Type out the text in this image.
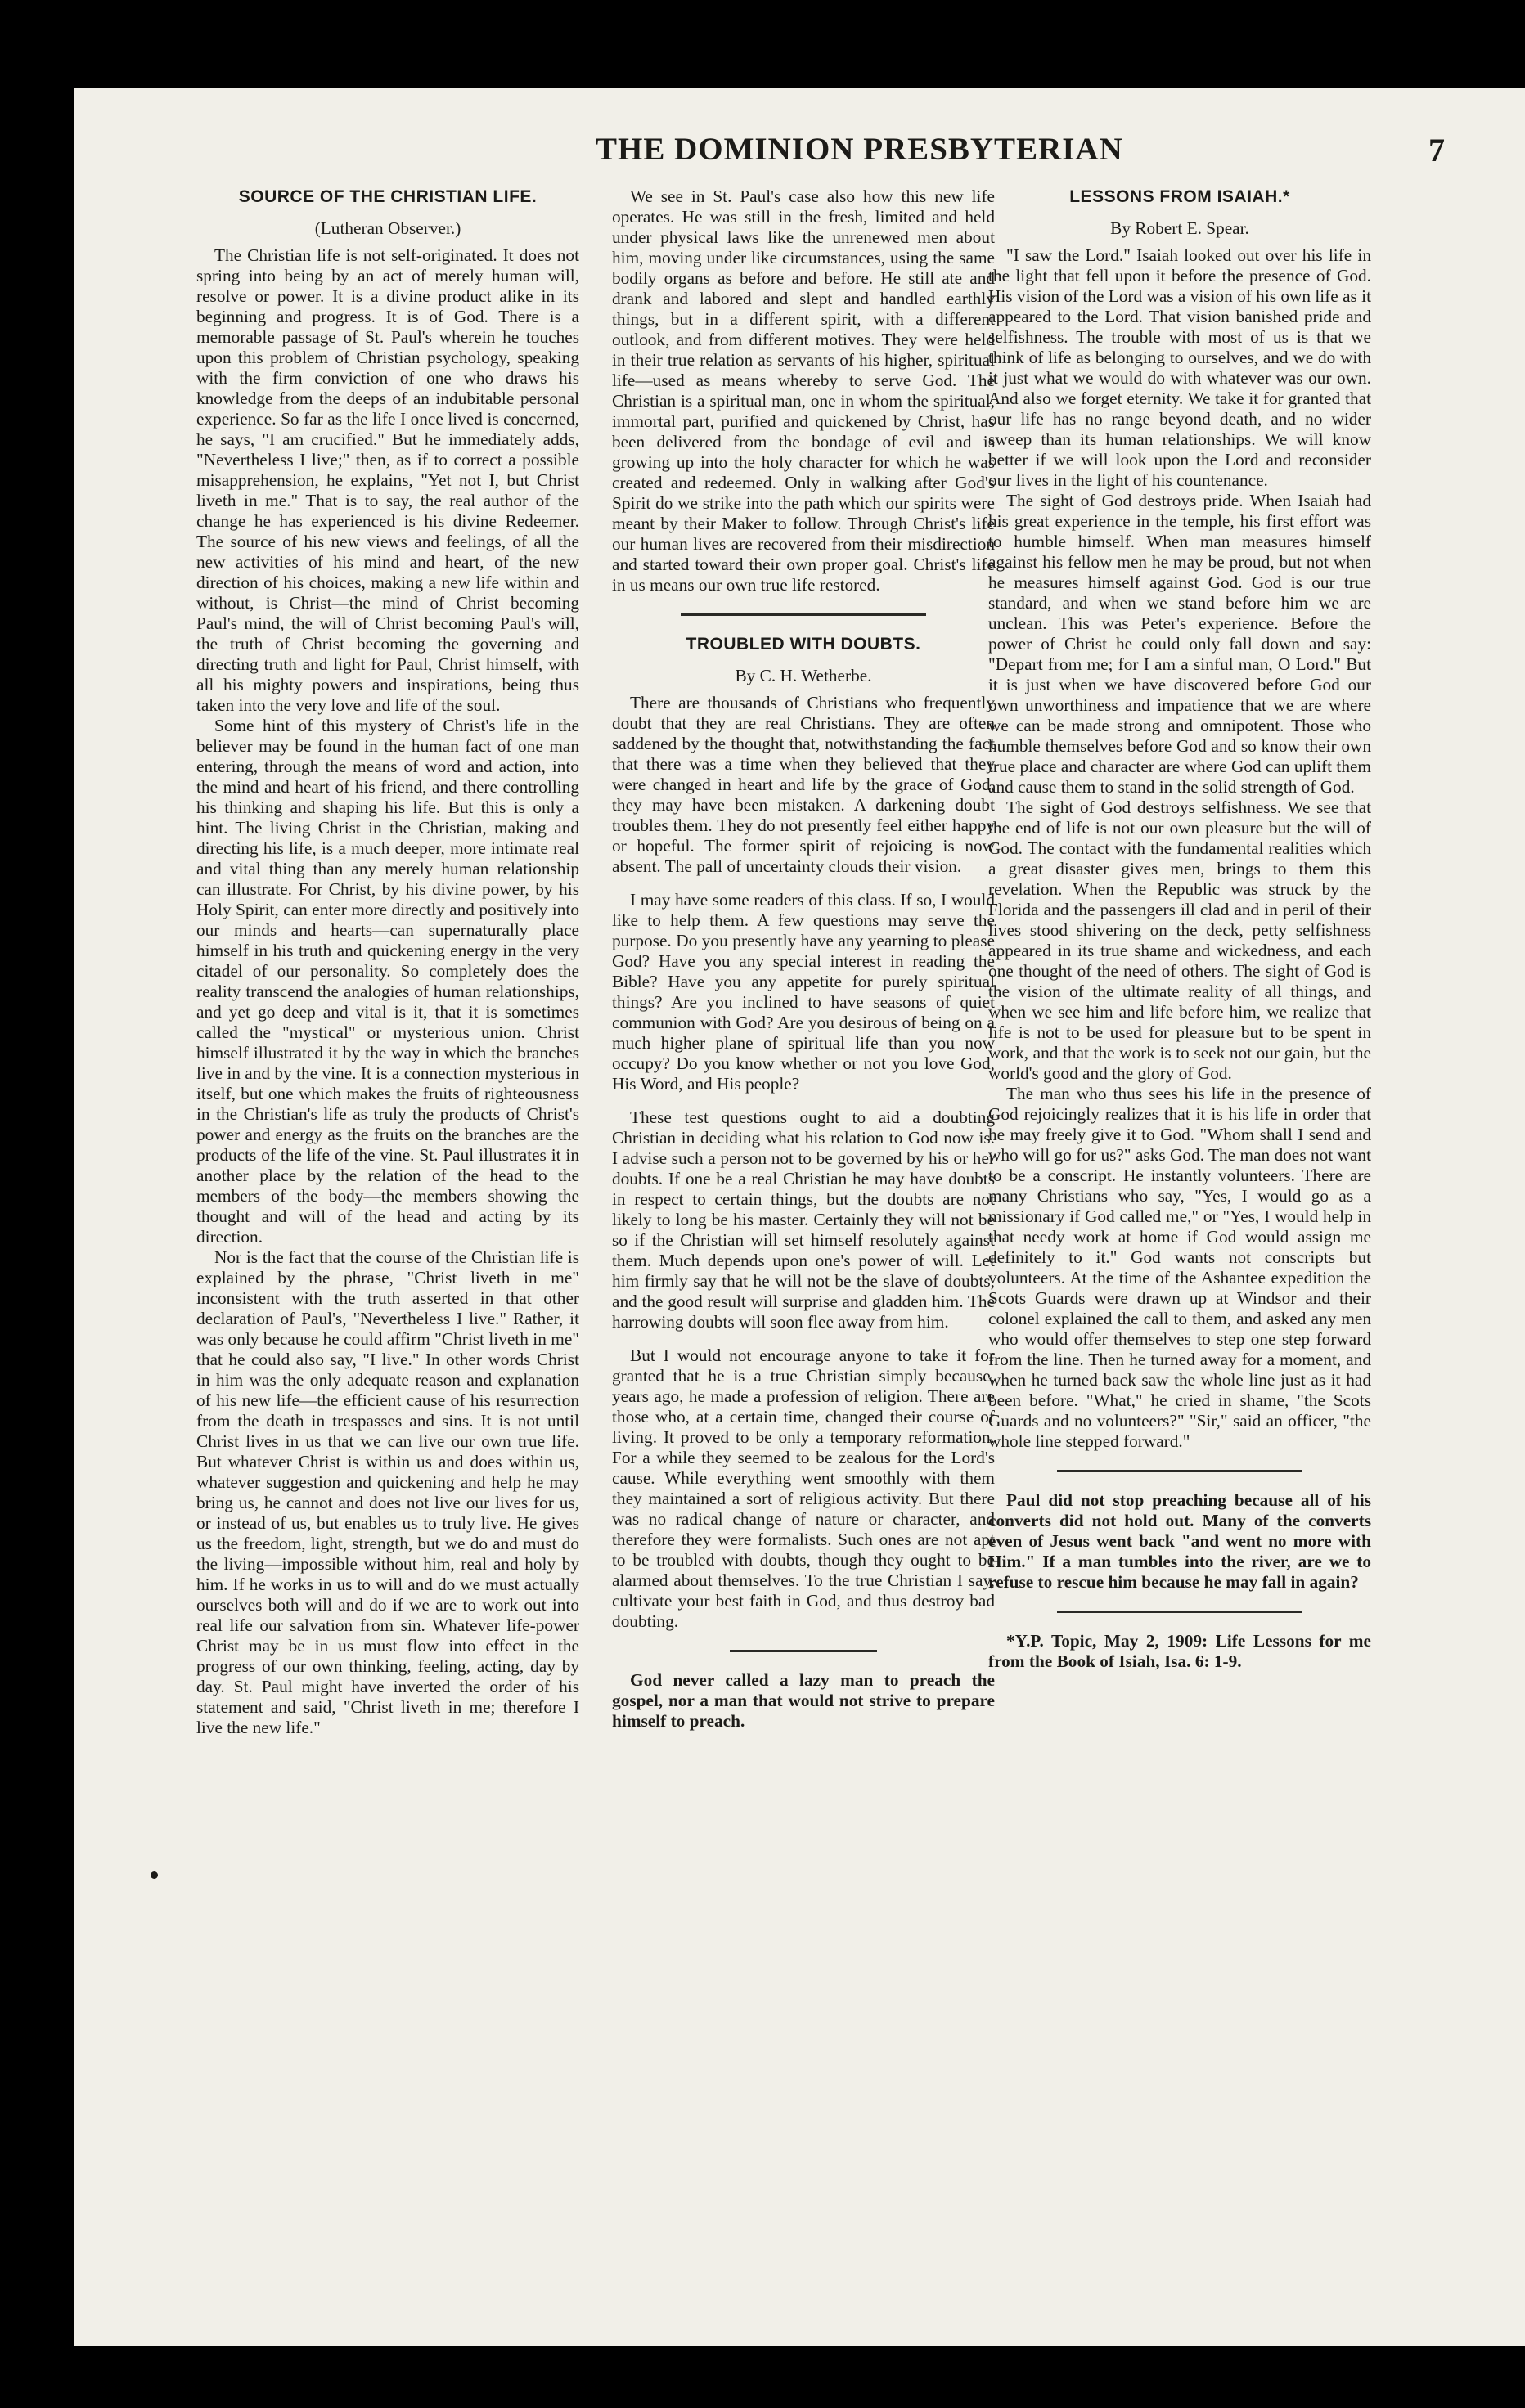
THE DOMINION PRESBYTERIAN	7
SOURCE OF THE CHRISTIAN LIFE.
(Lutheran Observer.)

The Christian life is not self-originated. It does not spring into being by an act of merely human will, resolve or power. It is a divine product alike in its beginning and progress. It is of God. There is a memorable passage of St. Paul's wherein he touches upon this problem of Christian psychology, speaking with the firm conviction of one who draws his knowledge from the deeps of an indubitable personal experience. So far as the life I once lived is concerned, he says, "I am crucified." But he immediately adds, "Nevertheless I live;" then, as if to correct a possible misapprehension, he explains, "Yet not I, but Christ liveth in me." That is to say, the real author of the change he has experienced is his divine Redeemer. The source of his new views and feelings, of all the new activities of his mind and heart, of the new direction of his choices, making a new life within and without, is Christ—the mind of Christ becoming Paul's mind, the will of Christ becoming Paul's will, the truth of Christ becoming the governing and directing truth and light for Paul, Christ himself, with all his mighty powers and inspirations, being thus taken into the very love and life of the soul.

Some hint of this mystery of Christ's life in the believer may be found in the human fact of one man entering, through the means of word and action, into the mind and heart of his friend, and there controlling his thinking and shaping his life. But this is only a hint. The living Christ in the Christian, making and directing his life, is a much deeper, more intimate real and vital thing than any merely human relationship can illustrate. For Christ, by his divine power, by his Holy Spirit, can enter more directly and positively into our minds and hearts—can supernaturally place himself in his truth and quickening energy in the very citadel of our personality. So completely does the reality transcend the analogies of human relationships, and yet go deep and vital is it, that it is sometimes called the "mystical" or mysterious union. Christ himself illustrated it by the way in which the branches live in and by the vine. It is a connection mysterious in itself, but one which makes the fruits of righteousness in the Christian's life as truly the products of Christ's power and energy as the fruits on the branches are the products of the life of the vine. St. Paul illustrates it in another place by the relation of the head to the members of the body—the members showing the thought and will of the head and acting by its direction.

Nor is the fact that the course of the Christian life is explained by the phrase, "Christ liveth in me" inconsistent with the truth asserted in that other declaration of Paul's, "Nevertheless I live." Rather, it was only because he could affirm "Christ liveth in me" that he could also say, "I live." In other words Christ in him was the only adequate reason and explanation of his new life—the efficient cause of his resurrection from the death in trespasses and sins. It is not until Christ lives in us that we can live our own true life. But whatever Christ is within us and does within us, whatever suggestion and quickening and help he may bring us, he cannot and does not live our lives for us, or instead of us, but enables us to truly live. He gives us the freedom, light, strength, but we do and must do the living—impossible without him, real and holy by him. If he works in us to will and do we must actually ourselves both will and do if we are to work out into real life our salvation from sin. Whatever life-power Christ may be in us must flow into effect in the progress of our own thinking, feeling, acting, day by day. St. Paul might have inverted the order of his statement and said, "Christ liveth in me; therefore I live the new life."

We see in St. Paul's case also how this new life operates. He was still in the fresh, limited and held under physical laws like the unrenewed men about him, moving under like circumstances, using the same bodily organs as before and before. He still ate and drank and labored and slept and handled earthly things, but in a different spirit, with a different outlook, and from different motives. They were held in their true relation as servants of his higher, spiritual life—used as means whereby to serve God. The Christian is a spiritual man, one in whom the spiritual, immortal part, purified and quickened by Christ, has been delivered from the bondage of evil and is growing up into the holy character for which he was created and redeemed. Only in walking after God's Spirit do we strike into the path which our spirits were meant by their Maker to follow. Through Christ's life our human lives are recovered from their misdirection and started toward their own proper goal. Christ's life in us means our own true life restored.

TROUBLED WITH DOUBTS.
By C. H. Wetherbe.

There are thousands of Christians who frequently doubt that they are real Christians. They are often saddened by the thought that, notwithstanding the fact that there was a time when they believed that they were changed in heart and life by the grace of God, they may have been mistaken. A darkening doubt troubles them. They do not presently feel either happy or hopeful. The former spirit of rejoicing is now absent. The pall of uncertainty clouds their vision.

I may have some readers of this class. If so, I would like to help them. A few questions may serve the purpose. Do you presently have any yearning to please God? Have you any special interest in reading the Bible? Have you any appetite for purely spiritual things? Are you inclined to have seasons of quiet communion with God? Are you desirous of being on a much higher plane of spiritual life than you now occupy? Do you know whether or not you love God, His Word, and His people?

These test questions ought to aid a doubting Christian in deciding what his relation to God now is. I advise such a person not to be governed by his or her doubts. If one be a real Christian he may have doubts in respect to certain things, but the doubts are not likely to long be his master. Certainly they will not be so if the Christian will set himself resolutely against them. Much depends upon one's power of will. Let him firmly say that he will not be the slave of doubts, and the good result will surprise and gladden him. The harrowing doubts will soon flee away from him.

But I would not encourage anyone to take it for granted that he is a true Christian simply because, years ago, he made a profession of religion. There are those who, at a certain time, changed their course of living. It proved to be only a temporary reformation. For a while they seemed to be zealous for the Lord's cause. While everything went smoothly with them they maintained a sort of religious activity. But there was no radical change of nature or character, and therefore they were formalists. Such ones are not apt to be troubled with doubts, though they ought to be alarmed about themselves. To the true Christian I say, cultivate your best faith in God, and thus destroy bad doubting.

God never called a lazy man to preach the gospel, nor a man that would not strive to prepare himself to preach.

LESSONS FROM ISAIAH.*
By Robert E. Spear.

"I saw the Lord." Isaiah looked out over his life in the light that fell upon it before the presence of God. His vision of the Lord was a vision of his own life as it appeared to the Lord. That vision banished pride and selfishness. The trouble with most of us is that we think of life as belonging to ourselves, and we do with it just what we would do with whatever was our own. And also we forget eternity. We take it for granted that our life has no range beyond death, and no wider sweep than its human relationships. We will know better if we will look upon the Lord and reconsider our lives in the light of his countenance.

The sight of God destroys pride. When Isaiah had his great experience in the temple, his first effort was to humble himself. When man measures himself against his fellow men he may be proud, but not when he measures himself against God. God is our true standard, and when we stand before him we are unclean. This was Peter's experience. Before the power of Christ he could only fall down and say: "Depart from me; for I am a sinful man, O Lord." But it is just when we have discovered before God our own unworthiness and impatience that we are where we can be made strong and omnipotent. Those who humble themselves before God and so know their own true place and character are where God can uplift them and cause them to stand in the solid strength of God.

The sight of God destroys selfishness. We see that the end of life is not our own pleasure but the will of God. The contact with the fundamental realities which a great disaster gives men, brings to them this revelation. When the Republic was struck by the Florida and the passengers ill clad and in peril of their lives stood shivering on the deck, petty selfishness appeared in its true shame and wickedness, and each one thought of the need of others. The sight of God is the vision of the ultimate reality of all things, and when we see him and life before him, we realize that life is not to be used for pleasure but to be spent in work, and that the work is to seek not our gain, but the world's good and the glory of God.

The man who thus sees his life in the presence of God rejoicingly realizes that it is his life in order that he may freely give it to God. "Whom shall I send and who will go for us?" asks God. The man does not want to be a conscript. He instantly volunteers. There are many Christians who say, "Yes, I would go as a missionary if God called me," or "Yes, I would help in that needy work at home if God would assign me definitely to it." God wants not conscripts but volunteers. At the time of the Ashantee expedition the Scots Guards were drawn up at Windsor and their colonel explained the call to them, and asked any men who would offer themselves to step one step forward from the line. Then he turned away for a moment, and when he turned back saw the whole line just as it had been before. "What," he cried in shame, "the Scots Guards and no volunteers?" "Sir," said an officer, "the whole line stepped forward."

Paul did not stop preaching because all of his converts did not hold out. Many of the converts even of Jesus went back "and went no more with Him." If a man tumbles into the river, are we to refuse to rescue him because he may fall in again?

*Y.P. Topic, May 2, 1909: Life Lessons for me from the Book of Isiah, Isa. 6: 1-9.
